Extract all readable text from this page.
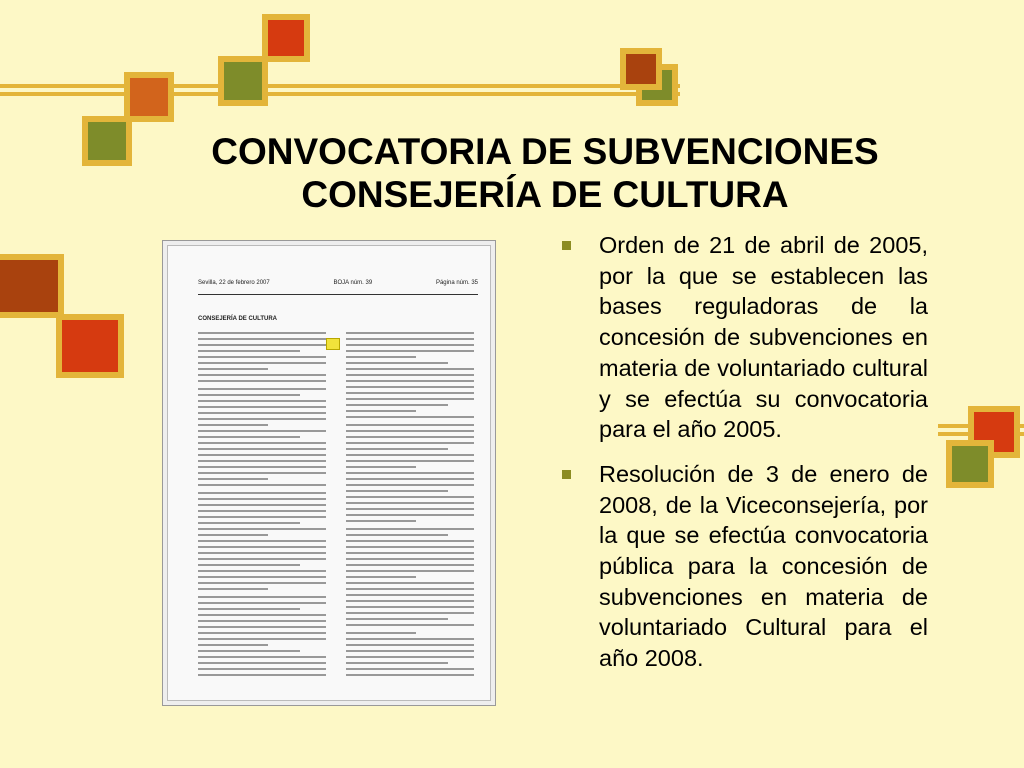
CONVOCATORIA DE SUBVENCIONES
CONSEJERÍA DE CULTURA
Sevilla, 22 de febrero 2007	BOJA núm. 39	Página núm. 35
CONSEJERÍA DE CULTURA
Orden de 21 de abril de 2005, por la que se establecen las bases reguladoras de la concesión de subvenciones en materia de voluntariado cultural y se efectúa su convocatoria para el año 2005.
Resolución de 3 de enero de 2008, de la Viceconsejería, por la que se efectúa convocatoria pública para la concesión de subvenciones en materia de voluntariado Cultural para el año 2008.
